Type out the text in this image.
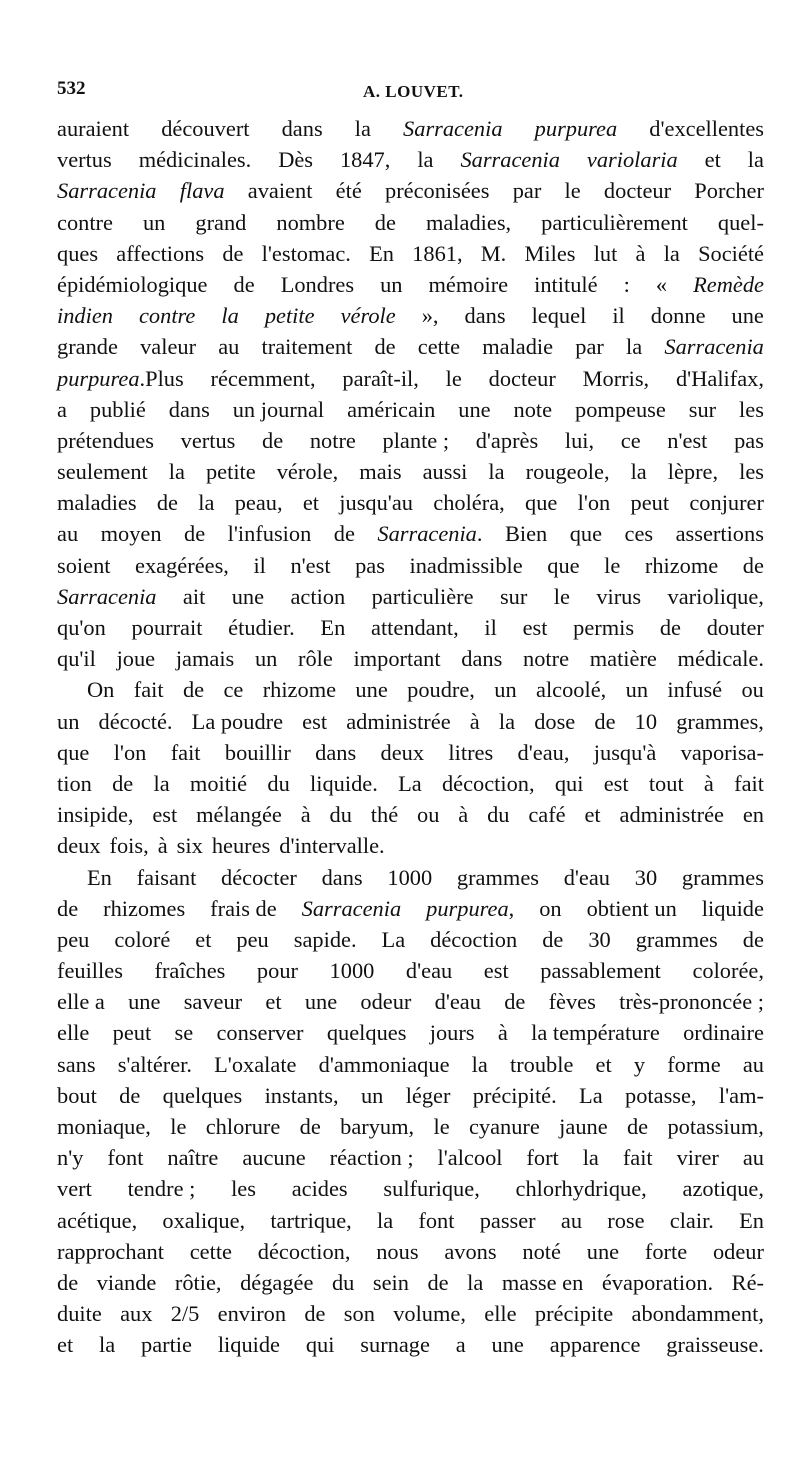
532	A. LOUVET.
auraient découvert dans la Sarracenia purpurea d'excellentes
vertus médicinales. Dès 1847, la Sarracenia variolaria et la
Sarracenia flava avaient été préconisées par le docteur Porcher
contre un grand nombre de maladies, particulièrement quel-
ques affections de l'estomac. En 1861, M. Miles lut à la Société
épidémiologique de Londres un mémoire intitulé : « Remède
indien contre la petite vérole », dans lequel il donne une
grande valeur au traitement de cette maladie par la Sarracenia
purpurea.Plus récemment, paraît-il, le docteur Morris, d'Halifax,
a publié dans un journal américain une note pompeuse sur les
prétendues vertus de notre plante ; d'après lui, ce n'est pas
seulement la petite vérole, mais aussi la rougeole, la lèpre, les
maladies de la peau, et jusqu'au choléra, que l'on peut conjurer
au moyen de l'infusion de Sarracenia. Bien que ces assertions
soient exagérées, il n'est pas inadmissible que le rhizome de
Sarracenia ait une action particulière sur le virus variolique,
qu'on pourrait étudier. En attendant, il est permis de douter
qu'il joue jamais un rôle important dans notre matière médicale.
On fait de ce rhizome une poudre, un alcoolé, un infusé ou
un décocté. La poudre est administrée à la dose de 10 grammes,
que l'on fait bouillir dans deux litres d'eau, jusqu'à vaporisa-
tion de la moitié du liquide. La décoction, qui est tout à fait
insipide, est mélangée à du thé ou à du café et administrée en
deux fois, à six heures d'intervalle.
En faisant décocter dans 1000 grammes d'eau 30 grammes
de rhizomes frais de Sarracenia purpurea, on obtient un liquide
peu coloré et peu sapide. La décoction de 30 grammes de
feuilles fraîches pour 1000 d'eau est passablement colorée,
elle a une saveur et une odeur d'eau de fèves très-prononcée ;
elle peut se conserver quelques jours à la température ordinaire
sans s'altérer. L'oxalate d'ammoniaque la trouble et y forme au
bout de quelques instants, un léger précipité. La potasse, l'am-
moniaque, le chlorure de baryum, le cyanure jaune de potassium,
n'y font naître aucune réaction ; l'alcool fort la fait virer au
vert tendre ; les acides sulfurique, chlorhydrique, azotique,
acétique, oxalique, tartrique, la font passer au rose clair. En
rapprochant cette décoction, nous avons noté une forte odeur
de viande rôtie, dégagée du sein de la masse en évaporation. Ré-
duite aux 2/5 environ de son volume, elle précipite abondamment,
et la partie liquide qui surnage a une apparence graisseuse.
